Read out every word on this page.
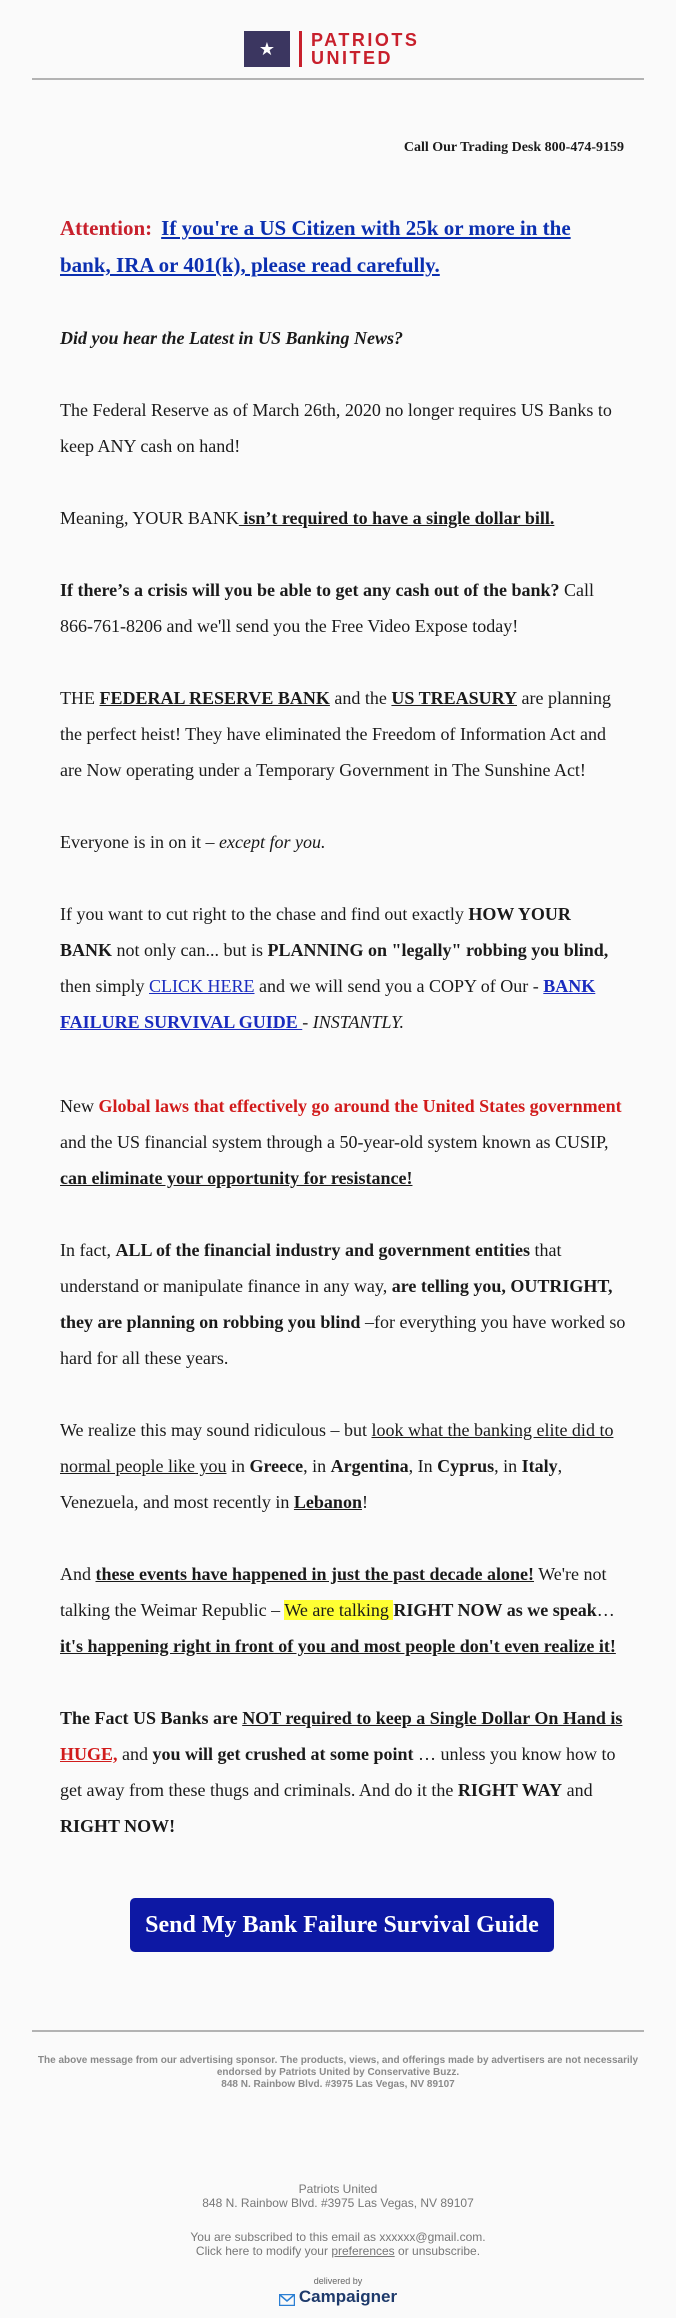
★	PATRIOTS
UNITED
Call Our Trading Desk 800-474-9159

Attention: If you're a US Citizen with 25k or more in the bank, IRA or 401(k), please read carefully.

Did you hear the Latest in US Banking News?

The Federal Reserve as of March 26th, 2020 no longer requires US Banks to keep ANY cash on hand!

Meaning, YOUR BANK isn’t required to have a single dollar bill.

If there’s a crisis will you be able to get any cash out of the bank? Call 866-761-8206 and we'll send you the Free Video Expose today!

THE FEDERAL RESERVE BANK and the US TREASURY are planning the perfect heist! They have eliminated the Freedom of Information Act and are Now operating under a Temporary Government in The Sunshine Act!

Everyone is in on it – except for you.

If you want to cut right to the chase and find out exactly HOW YOUR BANK not only can... but is PLANNING on "legally" robbing you blind, then simply CLICK HERE and we will send you a COPY of Our - BANK FAILURE SURVIVAL GUIDE - INSTANTLY.

New Global laws that effectively go around the United States government and the US financial system through a 50-year-old system known as CUSIP, can eliminate your opportunity for resistance!

In fact, ALL of the financial industry and government entities that understand or manipulate finance in any way, are telling you, OUTRIGHT, they are planning on robbing you blind –for everything you have worked so hard for all these years.

We realize this may sound ridiculous – but look what the banking elite did to normal people like you in Greece, in Argentina, In Cyprus, in Italy, Venezuela, and most recently in Lebanon!

And these events have happened in just the past decade alone! We're not talking the Weimar Republic – We are talking RIGHT NOW as we speak… it's happening right in front of you and most people don't even realize it!

The Fact US Banks are NOT required to keep a Single Dollar On Hand is HUGE, and you will get crushed at some point … unless you know how to get away from these thugs and criminals. And do it the RIGHT WAY and RIGHT NOW!

Send My Bank Failure Survival Guide
The above message from our advertising sponsor. The products, views, and offerings made by advertisers are not necessarily endorsed by Patriots United by Conservative Buzz.
848 N. Rainbow Blvd. #3975 Las Vegas, NV 89107

Patriots United

848 N. Rainbow Blvd. #3975 Las Vegas, NV 89107

You are subscribed to this email as xxxxxx@gmail.com.

Click here to modify your preferences or unsubscribe.

delivered by
Campaigner
